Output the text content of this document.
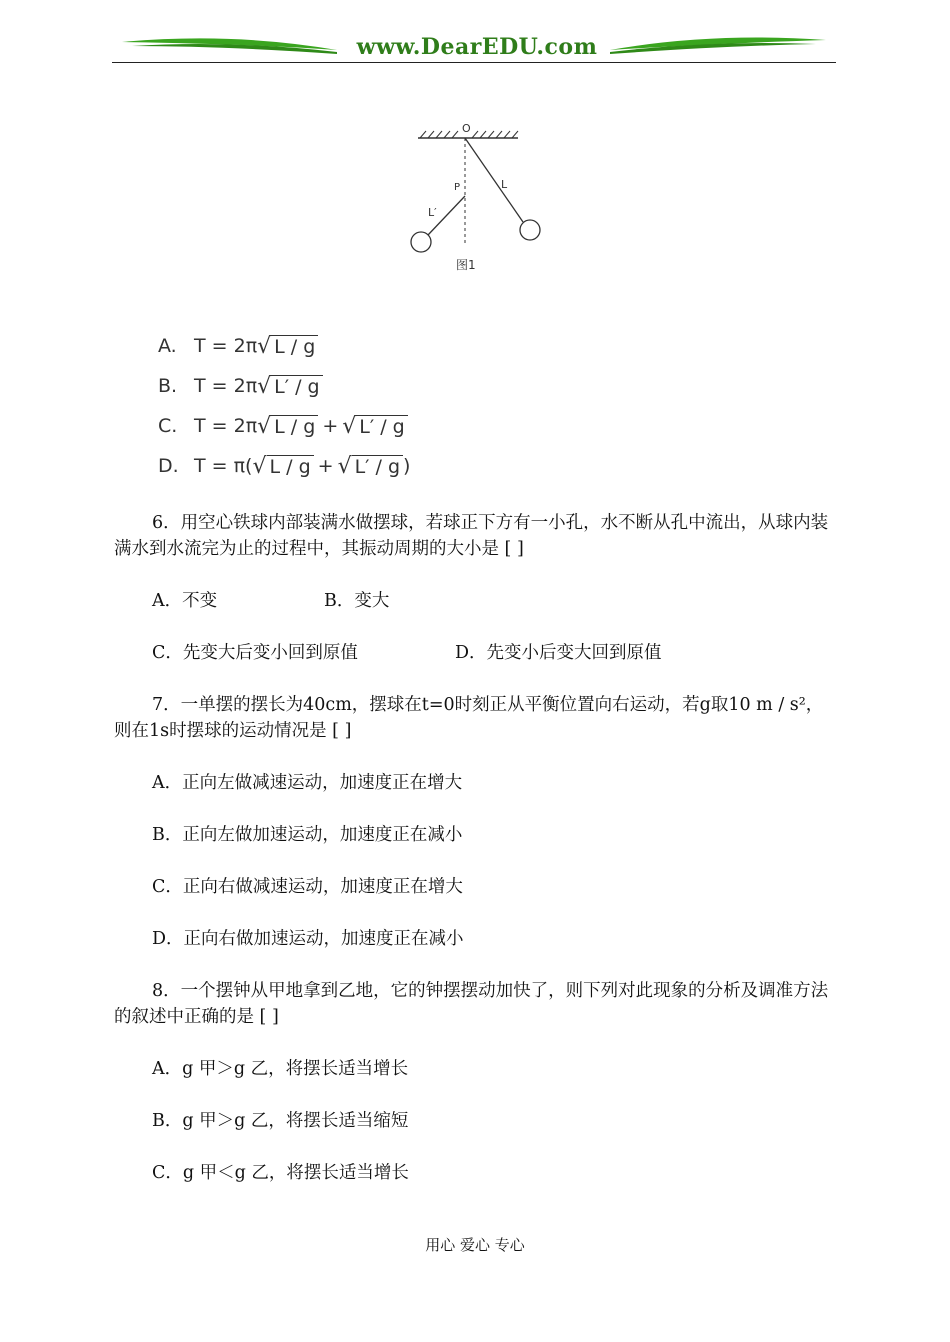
www.DearEDU.com
O
P	L
L′
图1
A. T = 2π √ L / g
B. T = 2π √ L′ / g
C. T = 2π √ L / g + √ L′ / g
D. T = π ( √ L / g + √ L′ / g )

6．用空心铁球内部装满水做摆球，若球正下方有一小孔，水不断从孔中流出，从球内装满水到水流完为止的过程中，其振动周期的大小是 [ ]

A．不变	B．变大
C．先变大后变小回到原值	D．先变小后变大回到原值

7．一单摆的摆长为40cm，摆球在t=0时刻正从平衡位置向右运动，若g取10 m / s²，则在1s时摆球的运动情况是 [ ]

A．正向左做减速运动，加速度正在增大
B．正向左做加速运动，加速度正在减小
C．正向右做减速运动，加速度正在增大
D．正向右做加速运动，加速度正在减小

8．一个摆钟从甲地拿到乙地，它的钟摆摆动加快了，则下列对此现象的分析及调准方法的叙述中正确的是 [ ]

A．g 甲＞g 乙，将摆长适当增长
B．g 甲＞g 乙，将摆长适当缩短
C．g 甲＜g 乙，将摆长适当增长
用心 爱心 专心
